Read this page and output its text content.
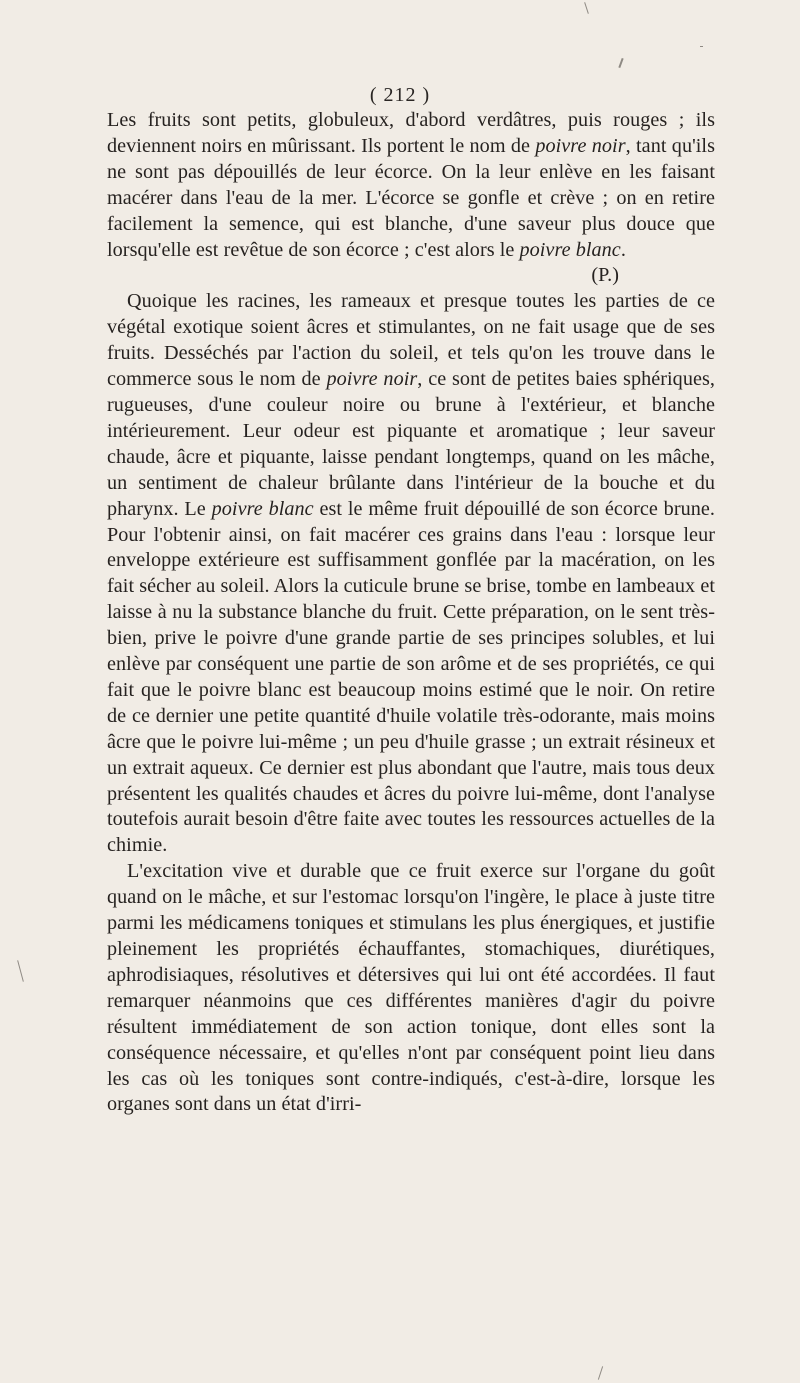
( 212 )

Les fruits sont petits, globuleux, d'abord verdâtres, puis rouges ; ils deviennent noirs en mûrissant. Ils portent le nom de poivre noir, tant qu'ils ne sont pas dépouillés de leur écorce. On la leur enlève en les faisant macérer dans l'eau de la mer. L'écorce se gonfle et crève ; on en retire facilement la semence, qui est blanche, d'une saveur plus douce que lorsqu'elle est revêtue de son écorce ; c'est alors le poivre blanc.

(P.)

Quoique les racines, les rameaux et presque toutes les parties de ce végétal exotique soient âcres et stimulantes, on ne fait usage que de ses fruits. Desséchés par l'action du soleil, et tels qu'on les trouve dans le commerce sous le nom de poivre noir, ce sont de petites baies sphériques, rugueuses, d'une couleur noire ou brune à l'extérieur, et blanche intérieurement. Leur odeur est piquante et aromatique ; leur saveur chaude, âcre et piquante, laisse pendant longtemps, quand on les mâche, un sentiment de chaleur brûlante dans l'intérieur de la bouche et du pharynx. Le poivre blanc est le même fruit dépouillé de son écorce brune. Pour l'obtenir ainsi, on fait macérer ces grains dans l'eau : lorsque leur enveloppe extérieure est suffisamment gonflée par la macération, on les fait sécher au soleil. Alors la cuticule brune se brise, tombe en lambeaux et laisse à nu la substance blanche du fruit. Cette préparation, on le sent très-bien, prive le poivre d'une grande partie de ses principes solubles, et lui enlève par conséquent une partie de son arôme et de ses propriétés, ce qui fait que le poivre blanc est beaucoup moins estimé que le noir. On retire de ce dernier une petite quantité d'huile volatile très-odorante, mais moins âcre que le poivre lui-même ; un peu d'huile grasse ; un extrait résineux et un extrait aqueux. Ce dernier est plus abondant que l'autre, mais tous deux présentent les qualités chaudes et âcres du poivre lui-même, dont l'analyse toutefois aurait besoin d'être faite avec toutes les ressources actuelles de la chimie.

L'excitation vive et durable que ce fruit exerce sur l'organe du goût quand on le mâche, et sur l'estomac lorsqu'on l'ingère, le place à juste titre parmi les médicamens toniques et stimulans les plus énergiques, et justifie pleinement les propriétés échauffantes, stomachiques, diurétiques, aphrodisiaques, résolutives et détersives qui lui ont été accordées. Il faut remarquer néanmoins que ces différentes manières d'agir du poivre résultent immédiatement de son action tonique, dont elles sont la conséquence nécessaire, et qu'elles n'ont par conséquent point lieu dans les cas où les toniques sont contre-indiqués, c'est-à-dire, lorsque les organes sont dans un état d'irri-
